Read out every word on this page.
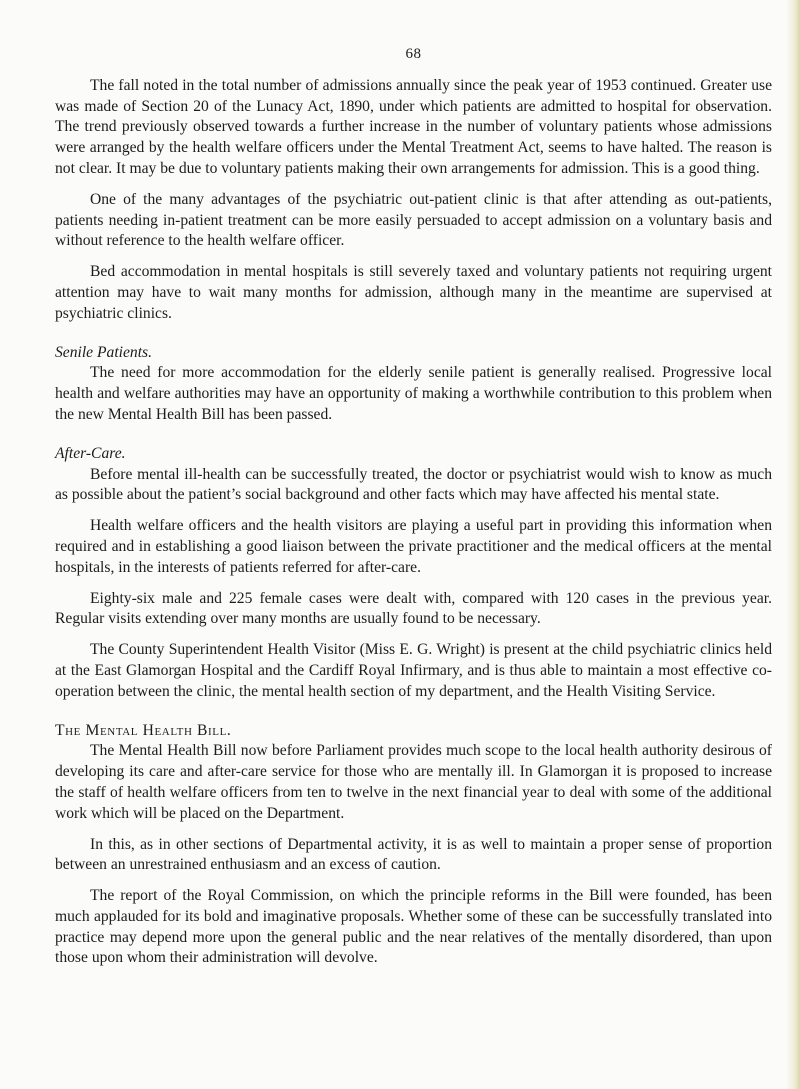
68

The fall noted in the total number of admissions annually since the peak year of 1953 continued. Greater use was made of Section 20 of the Lunacy Act, 1890, under which patients are admitted to hospital for observation. The trend previously observed towards a further increase in the number of voluntary patients whose admissions were arranged by the health welfare officers under the Mental Treatment Act, seems to have halted. The reason is not clear. It may be due to voluntary patients making their own arrangements for admission. This is a good thing.

One of the many advantages of the psychiatric out-patient clinic is that after attending as out-patients, patients needing in-patient treatment can be more easily persuaded to accept admission on a voluntary basis and without reference to the health welfare officer.

Bed accommodation in mental hospitals is still severely taxed and voluntary patients not requiring urgent attention may have to wait many months for admission, although many in the meantime are supervised at psychiatric clinics.

Senile Patients.

The need for more accommodation for the elderly senile patient is generally realised. Progressive local health and welfare authorities may have an opportunity of making a worthwhile contribution to this problem when the new Mental Health Bill has been passed.

After-Care.

Before mental ill-health can be successfully treated, the doctor or psychiatrist would wish to know as much as possible about the patient’s social background and other facts which may have affected his mental state.

Health welfare officers and the health visitors are playing a useful part in providing this information when required and in establishing a good liaison between the private practitioner and the medical officers at the mental hospitals, in the interests of patients referred for after-care.

Eighty-six male and 225 female cases were dealt with, compared with 120 cases in the previous year. Regular visits extending over many months are usually found to be necessary.

The County Superintendent Health Visitor (Miss E. G. Wright) is present at the child psychiatric clinics held at the East Glamorgan Hospital and the Cardiff Royal Infirmary, and is thus able to maintain a most effective co-operation between the clinic, the mental health section of my department, and the Health Visiting Service.

The Mental Health Bill.

The Mental Health Bill now before Parliament provides much scope to the local health authority desirous of developing its care and after-care service for those who are mentally ill. In Glamorgan it is proposed to increase the staff of health welfare officers from ten to twelve in the next financial year to deal with some of the additional work which will be placed on the Department.

In this, as in other sections of Departmental activity, it is as well to maintain a proper sense of proportion between an unrestrained enthusiasm and an excess of caution.

The report of the Royal Commission, on which the principle reforms in the Bill were founded, has been much applauded for its bold and imaginative proposals. Whether some of these can be successfully translated into practice may depend more upon the general public and the near relatives of the mentally disordered, than upon those upon whom their administration will devolve.
